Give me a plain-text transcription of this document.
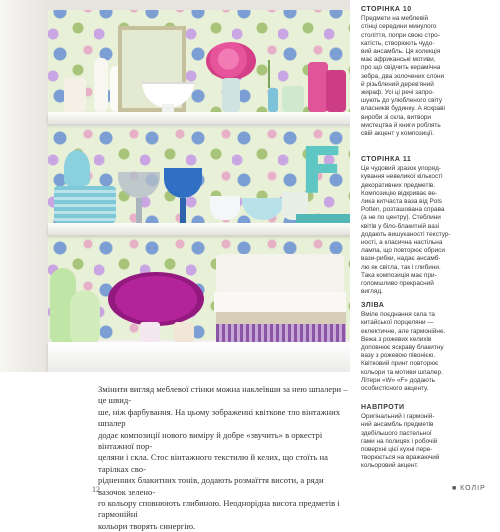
F
СТОРІНКА 10
Предмети на меблевій
стінці середини минулого
століття, попри свою стро-
катість, створюють чудо-
вий ансамбль. Ця колекція
має африканські мотиви,
про що свідчить керамічна
зебра, два золочених слони
й різьблений дерев'яний
жираф. Усі ці речі запро-
шують до улюбленого світу
власників будинку. А яскраві
вироби зі скла, витвори
мистецтва й книги роблять
свій акцент у композиції.
СТОРІНКА 11
Це чудовий зразок упоряд-
кування невеликої кількості
декоративних предметів.
Композицію відкриває ве-
лика китчаста ваза від Pols
Potten, розташована справа
(а не по центру). Стеблини
квітів у біло-блакитній вазі
додають вишуканості текстур-
ності, а класична настільна
лампа, що повторює обриси
вази-рибки, надає ансамб-
лю як світла, так і глибини.
Така композиція має при-
голомшливо прекрасний
вигляд.
ЗЛІВА
Вміле поєднання скла та
китайської порцеляни —
eклектичне, але гармонійне.
Вежа з рожевих келихів
доповнює яскраву блакитну
вазу з рожевою півонією.
Квітковий принт повторює
кольори та мотиви шпалер.
Літери «W» «F» додають
особистісного акценту.
НАВПРОТИ
Оригінальний і гармоній-
ний ансамбль предметів
здебільшого пастельної
гами на полицях і робочій
поверхні цієї кухні пере-
творюється на вражаючий
кольоровий акцент.
Змінити вигляд меблевої стінки можна наклеївши за нею шпалери – це швид-
ше, ніж фарбування. На цьому зображенні квіткове тло вінтажних шпалер
додає композиції нового виміру й добре «звучить» в оркестрі вінтажної пор-
целяни і скла. Стос вінтажного текстилю й келих, що стоїть на тарілках сво-
рідненних блакитних тонів, додають розмаїття висоти, а ряди вазочок зелено-
го кольору сповнюють глибиною. Неоднорідна висота предметів і гармонійні
кольори творять синергію.
12	■ КОЛІР
